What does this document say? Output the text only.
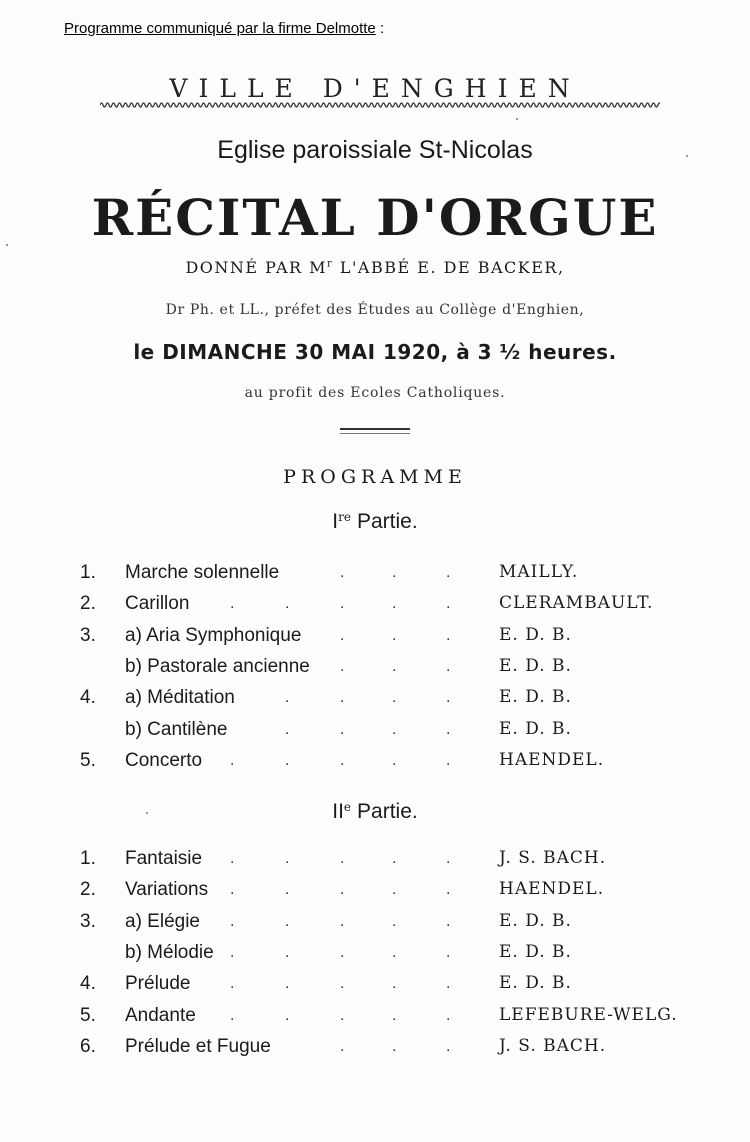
Programme communiqué par la firme Delmotte :
VILLE D'ENGHIEN
Eglise paroissiale St-Nicolas
RÉCITAL D'ORGUE
DONNÉ PAR $M^r$ L'ABBÉ E. DE BACKER,
Dr Ph. et LL., préfet des Études au Collège d'Enghien,
le DIMANCHE 30 MAI 1920, à 3 ½ heures.
au profit des Ecoles Catholiques.
PROGRAMME
Ire Partie.
1. Marche solennelle	.	.	.	MAILLY.
2. Carillon	.	.	.	.	.	CLERAMBAULT.
3. a) Aria Symphonique .	.	.	E. D. B.
b) Pastorale ancienne .	.	.	E. D. B.
4. a) Méditation	.	.	.	.	E. D. B.
b) Cantilène	.	.	.	.	E. D. B.
5. Concerto .	.	.	.	.	HAENDEL.
IIe Partie.
1. Fantaisie .	.	.	.	.	J. S. BACH.
2. Variations .	.	.	.	.	HAENDEL.
3. a) Elégie .	.	.	.	.	E. D. B.
b) Mélodie .	.	.	.	.	E. D. B.
4. Prélude .	.	.	.	.	E. D. B.
5. Andante .	.	.	.	.	LEFEBURE-WELG.
6. Prélude et Fugue	.	.	.	J. S. BACH.
